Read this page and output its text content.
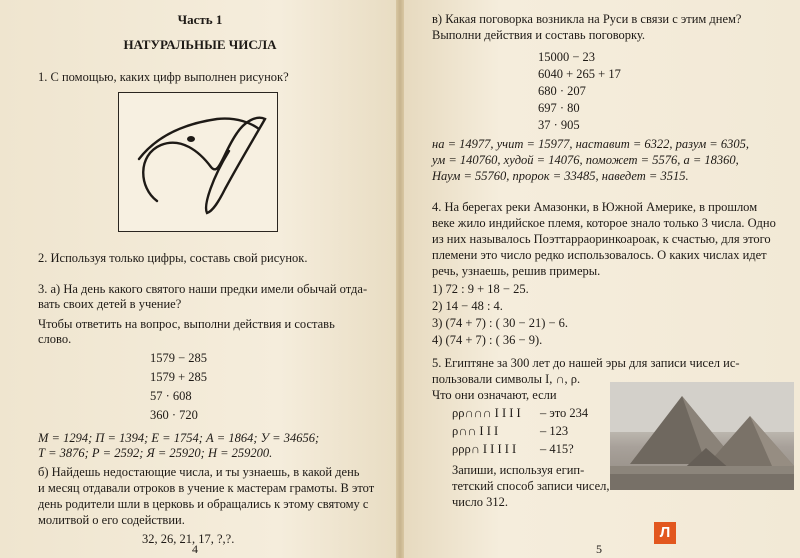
Часть 1
НАТУРАЛЬНЫЕ ЧИСЛА
1. С помощью, каких цифр выполнен рисунок?
2. Используя только цифры, составь свой рисунок.
3. а) На день какого святого наши предки имели обычай отда-
вать своих детей в учение?
Чтобы ответить на вопрос, выполни действия и составь
слово.
1579 − 285
1579 + 285
57 · 608
360 · 720
М = 1294; П = 1394; Е = 1754; А = 1864; У = 34656;
Т = 3876; Р = 2592; Я = 25920; Н = 259200.
б) Найдешь недостающие числа, и ты узнаешь, в какой день
и месяц отдавали отроков в учение к мастерам грамоты. В этот
день родители шли в церковь и обращались к этому святому с
молитвой о его содействии.
32, 26, 21, 17, ?,?.
4
в) Какая поговорка возникла на Руси в связи с этим днем?
Выполни действия и составь поговорку.
15000 − 23
6040 + 265 + 17
680 · 207
697 · 80
37 · 905
на = 14977, учит = 15977, наставит = 6322, разум = 6305,
ум = 140760, худой = 14076, поможет = 5576, а = 18360,
Наум = 55760, пророк = 33485, наведет = 3515.
4. На берегах реки Амазонки, в Южной Америке, в прошлом
веке жило индийское племя, которое знало только 3 числа. Одно
из них называлось Поэттарраоринкоароак, к счастью, для этого
племени это число редко использовалось. О каких числах идет
речь, узнаешь, решив примеры.
1) 72 : 9 + 18 − 25.
2) 14 − 48 : 4.
3) (74 + 7) : ( 30 − 21) − 6.
4) (74 + 7) : ( 36 − 9).
5. Египтяне за 300 лет до нашей эры для записи чисел ис-
пользовали символы I, ∩, ρ.
Что они означают, если
ρρ∩∩∩ I I I I – это 234
ρ∩∩ I I I	– 123
ρρρ∩ I I I I I – 415?
Запиши, используя егип-
тетский способ записи чисел,
число 312.
5
Л
